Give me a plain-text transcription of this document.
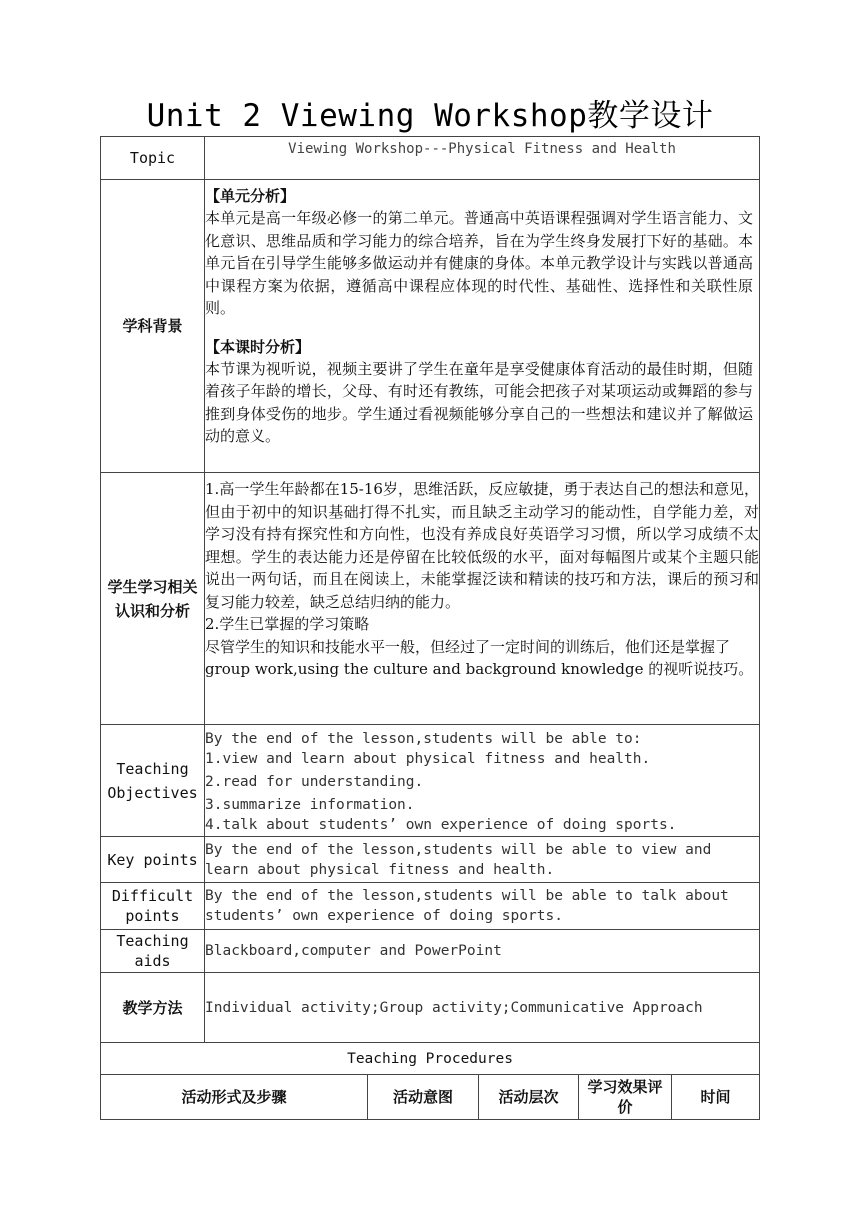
Unit 2 Viewing Workshop教学设计
Topic	Viewing Workshop---Physical Fitness and Health				
学科背景	【单元分析】
本单元是高一年级必修一的第二单元。普通高中英语课程强调对学生语言能力、文化意识、思维品质和学习能力的综合培养，旨在为学生终身发展打下好的基础。本单元旨在引导学生能够多做运动并有健康的身体。本单元教学设计与实践以普通高中课程方案为依据，遵循高中课程应体现的时代性、基础性、选择性和关联性原则。
【本课时分析】
本节课为视听说，视频主要讲了学生在童年是享受健康体育活动的最佳时期，但随着孩子年龄的增长，父母、有时还有教练，可能会把孩子对某项运动或舞蹈的参与推到身体受伤的地步。学生通过看视频能够分享自己的一些想法和建议并了解做运动的意义。				

学生学习相关认识和分析	1.高一学生年龄都在15-16岁，思维活跃，反应敏捷，勇于表达自己的想法和意见，但由于初中的知识基础打得不扎实，而且缺乏主动学习的能动性，自学能力差，对学习没有持有探究性和方向性，也没有养成良好英语学习习惯，所以学习成绩不太理想。学生的表达能力还是停留在比较低级的水平，面对每幅图片或某个主题只能说出一两句话，而且在阅读上，未能掌握泛读和精读的技巧和方法，课后的预习和复习能力较差，缺乏总结归纳的能力。
2.学生已掌握的学习策略
尽管学生的知识和技能水平一般，但经过了一定时间的训练后，他们还是掌握了group work,using the culture and background knowledge 的视听说技巧。				

Teaching Objectives	By the end of the lesson,students will be able to:
1.view and learn about physical fitness and health.
2.read for understanding.
3.summarize information.
4.talk about students’ own experience of doing sports.				

Key points	By the end of the lesson,students will be able to view and learn about physical fitness and health.				
Difficult points	By the end of the lesson,students will be able to talk about students’ own experience of doing sports.				
Teaching aids	Blackboard,computer and PowerPoint				
教学方法	Individual activity;Group activity;Communicative Approach				
Teaching Procedures					
活动形式及步骤		活动意图	活动层次	学习效果评价	时间
